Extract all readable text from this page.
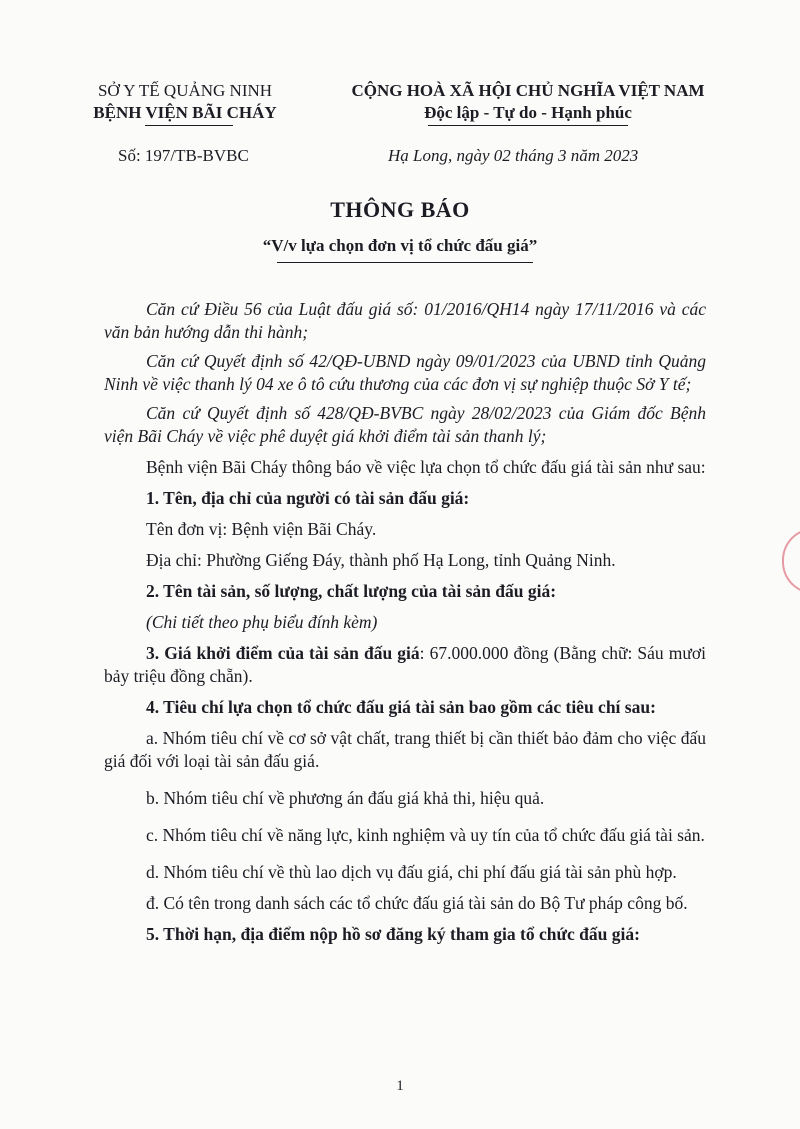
SỞ Y TẾ QUẢNG NINH
BỆNH VIỆN BÃI CHÁY
CỘNG HOÀ XÃ HỘI CHỦ NGHĨA VIỆT NAM
Độc lập - Tự do - Hạnh phúc
Số: 197/TB-BVBC	Hạ Long, ngày 02 tháng 3 năm 2023
THÔNG BÁO
“V/v lựa chọn đơn vị tổ chức đấu giá”

Căn cứ Điều 56 của Luật đấu giá số: 01/2016/QH14 ngày 17/11/2016 và các văn bản hướng dẫn thi hành;

Căn cứ Quyết định số 42/QĐ-UBND ngày 09/01/2023 của UBND tỉnh Quảng Ninh về việc thanh lý 04 xe ô tô cứu thương của các đơn vị sự nghiệp thuộc Sở Y tế;

Căn cứ Quyết định số 428/QĐ-BVBC ngày 28/02/2023 của Giám đốc Bệnh viện Bãi Cháy về việc phê duyệt giá khởi điểm tài sản thanh lý;

Bệnh viện Bãi Cháy thông báo về việc lựa chọn tổ chức đấu giá tài sản như sau:

1. Tên, địa chỉ của người có tài sản đấu giá:

Tên đơn vị: Bệnh viện Bãi Cháy.

Địa chỉ: Phường Giếng Đáy, thành phố Hạ Long, tỉnh Quảng Ninh.

2. Tên tài sản, số lượng, chất lượng của tài sản đấu giá:

(Chi tiết theo phụ biểu đính kèm)

3. Giá khởi điểm của tài sản đấu giá: 67.000.000 đồng (Bằng chữ: Sáu mươi bảy triệu đồng chẵn).

4. Tiêu chí lựa chọn tổ chức đấu giá tài sản bao gồm các tiêu chí sau:

a. Nhóm tiêu chí về cơ sở vật chất, trang thiết bị cần thiết bảo đảm cho việc đấu giá đối với loại tài sản đấu giá.

b. Nhóm tiêu chí về phương án đấu giá khả thi, hiệu quả.

c. Nhóm tiêu chí về năng lực, kinh nghiệm và uy tín của tổ chức đấu giá tài sản.

d. Nhóm tiêu chí về thù lao dịch vụ đấu giá, chi phí đấu giá tài sản phù hợp.

đ. Có tên trong danh sách các tổ chức đấu giá tài sản do Bộ Tư pháp công bố.

5. Thời hạn, địa điểm nộp hồ sơ đăng ký tham gia tổ chức đấu giá:

1
